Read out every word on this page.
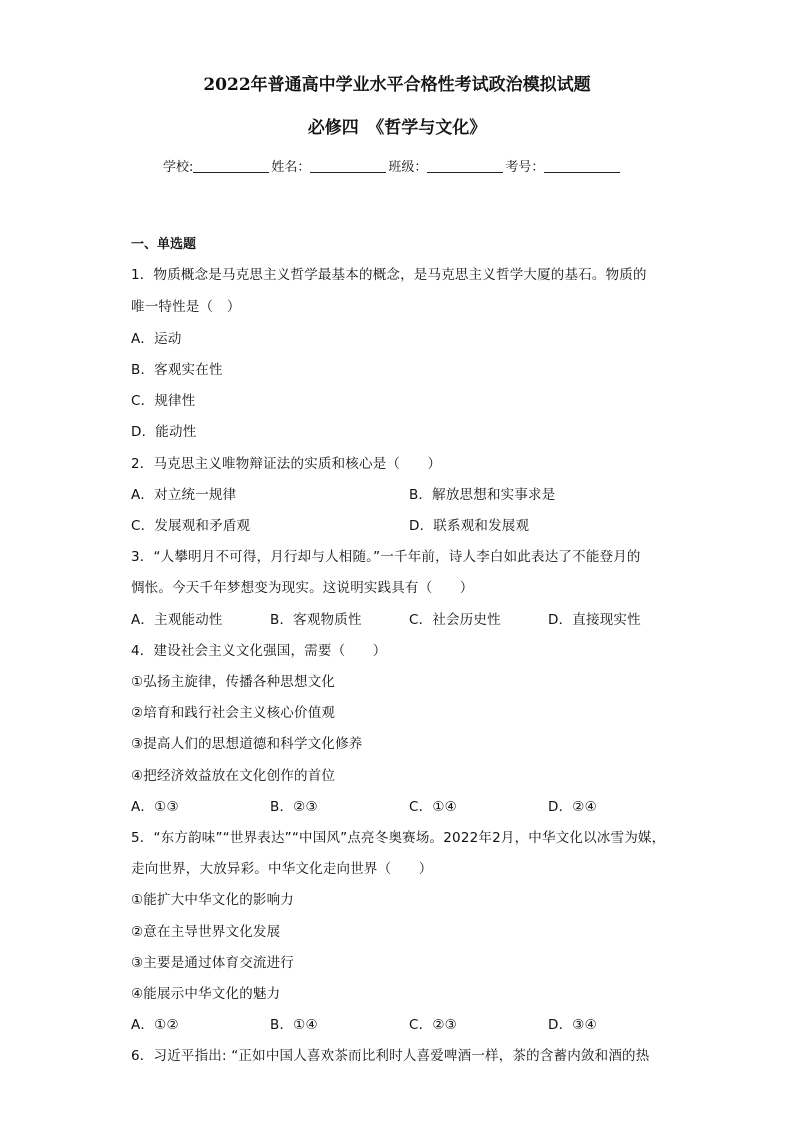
2022年普通高中学业水平合格性考试政治模拟试题
必修四　《哲学与文化》
学校:	姓名：	班级：	考号：
一、单选题
1．物质概念是马克思主义哲学最基本的概念，是马克思主义哲学大厦的基石。物质的
唯一特性是（　）
A．运动
B．客观实在性
C．规律性
D．能动性
2．马克思主义唯物辩证法的实质和核心是（　　）
A．对立统一规律	B．解放思想和实事求是
C．发展观和矛盾观	D．联系观和发展观
3．“人攀明月不可得，月行却与人相随。”一千年前，诗人李白如此表达了不能登月的
惆怅。今天千年梦想变为现实。这说明实践具有（　　）
A．主观能动性	B．客观物质性	C．社会历史性	D．直接现实性
4．建设社会主义文化强国，需要（　　）
①弘扬主旋律，传播各种思想文化
②培育和践行社会主义核心价值观
③提高人们的思想道德和科学文化修养
④把经济效益放在文化创作的首位
A．①③	B．②③	C．①④	D．②④
5．“东方韵味”“世界表达”“中国风”点亮冬奥赛场。2022年2月，中华文化以冰雪为媒，
走向世界，大放异彩。中华文化走向世界（　　）
①能扩大中华文化的影响力
②意在主导世界文化发展
③主要是通过体育交流进行
④能展示中华文化的魅力
A．①②	B．①④	C．②③	D．③④
6．习近平指出: “正如中国人喜欢茶而比利时人喜爱啤酒一样，茶的含蓄内敛和酒的热
